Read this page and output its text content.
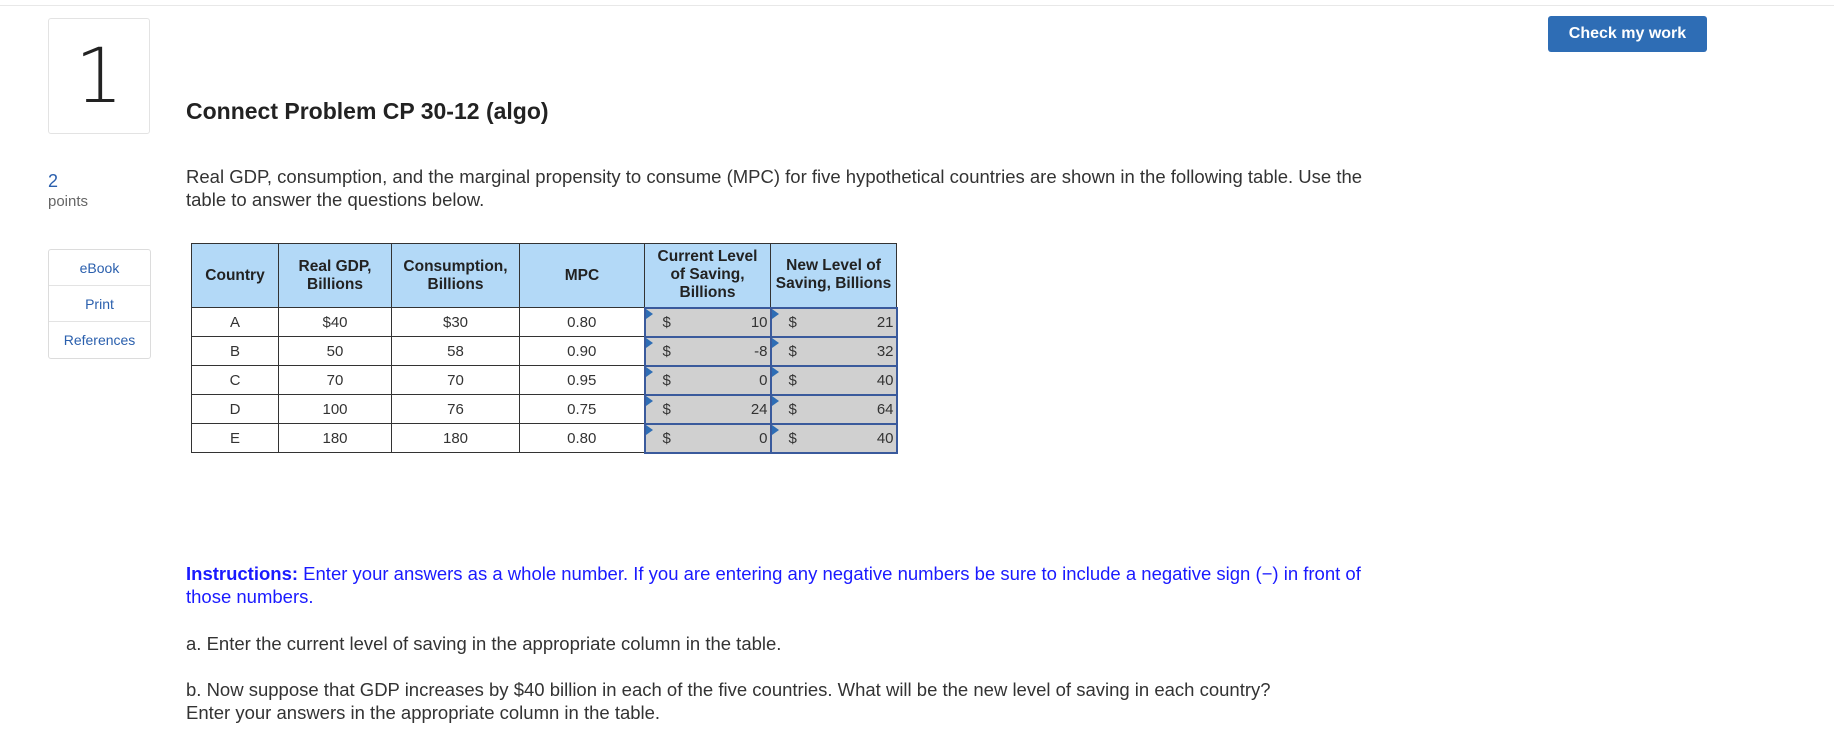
1
2
points
eBook
Print
References
Check my work
Connect Problem CP 30-12 (algo)

Real GDP, consumption, and the marginal propensity to consume (MPC) for five hypothetical countries are shown in the following table. Use the table to answer the questions below.

Country	Real GDP, Billions	Consumption, Billions	MPC	Current Level of Saving, Billions	New Level of Saving, Billions
A	$40	$30	0.80	$ 10	$ 21

B	50	58	0.90	$ -8	$ 32

C	70	70	0.95	$ 0	$ 40

D	100	76	0.75	$ 24	$ 64

E	180	180	0.80	$ 0	$ 40

Instructions: Enter your answers as a whole number. If you are entering any negative numbers be sure to include a negative sign (−) in front of those numbers.

a. Enter the current level of saving in the appropriate column in the table.

b. Now suppose that GDP increases by $40 billion in each of the five countries. What will be the new level of saving in each country? Enter your answers in the appropriate column in the table.
